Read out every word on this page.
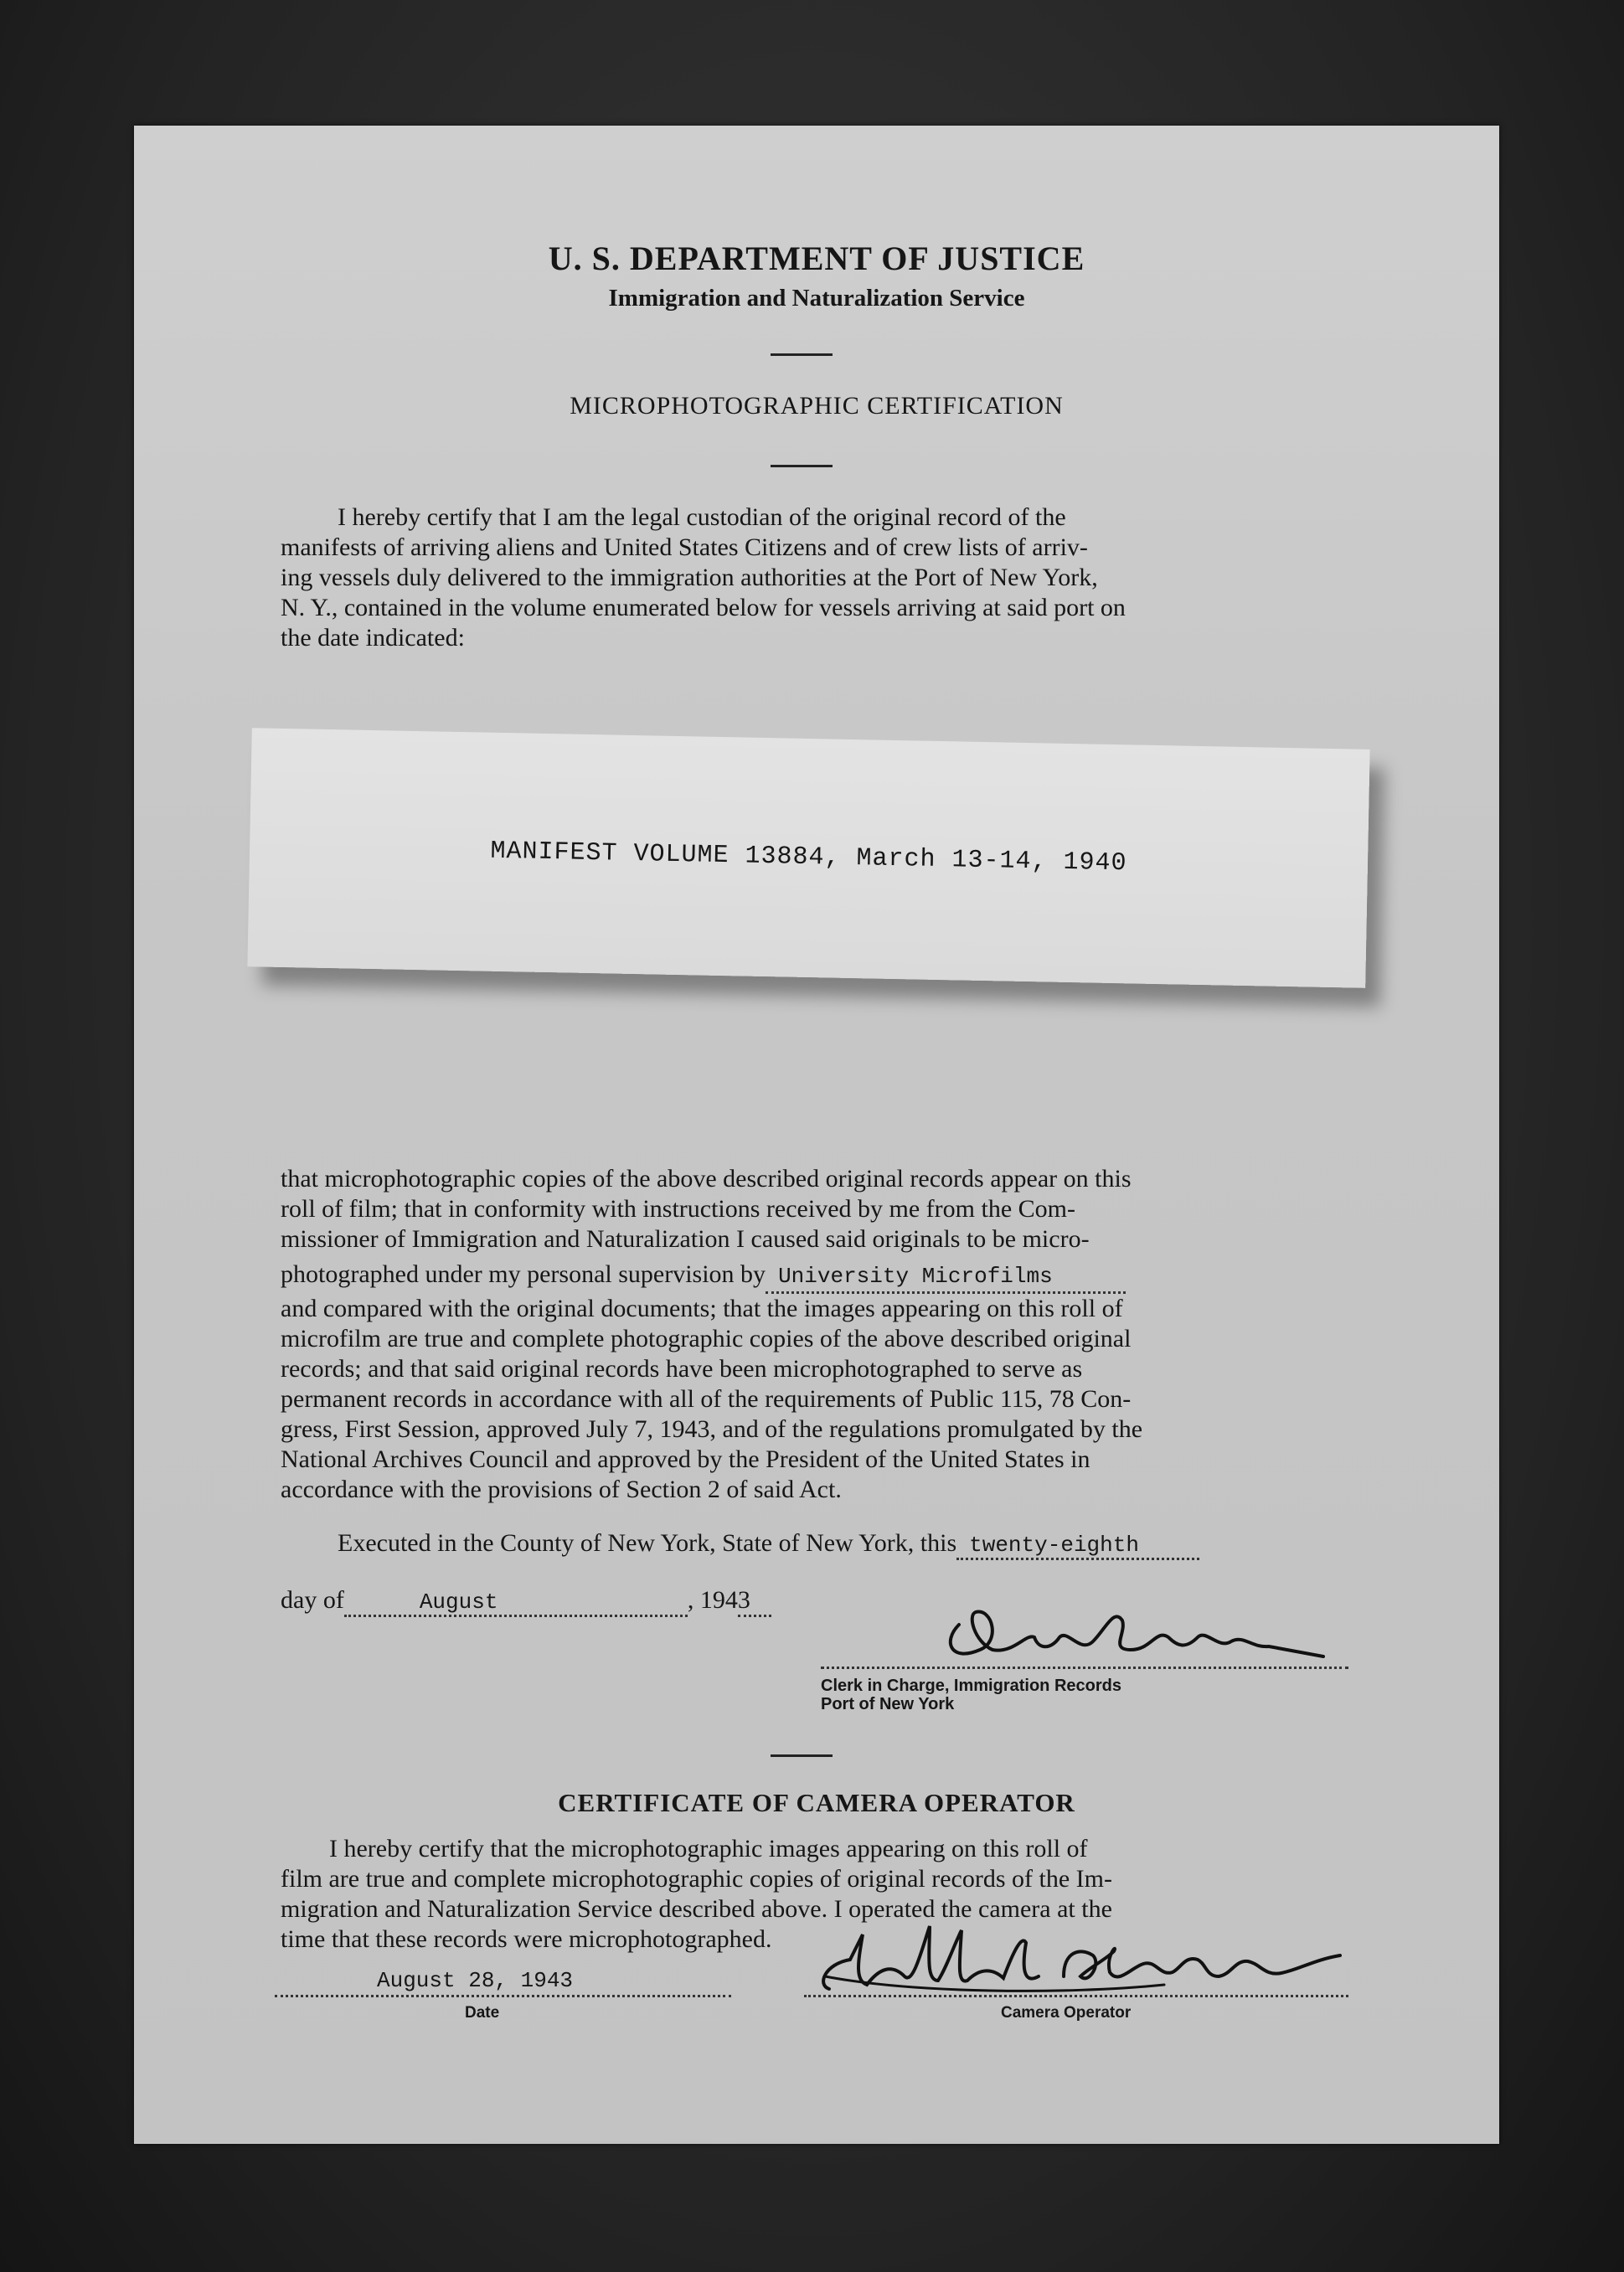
U. S. DEPARTMENT OF JUSTICE
Immigration and Naturalization Service
MICROPHOTOGRAPHIC CERTIFICATION
I hereby certify that I am the legal custodian of the original record of the
manifests of arriving aliens and United States Citizens and of crew lists of arriv-
ing vessels duly delivered to the immigration authorities at the Port of New York,
N. Y., contained in the volume enumerated below for vessels arriving at said port on
the date indicated:
MANIFEST VOLUME 13884, March 13-14, 1940
that microphotographic copies of the above described original records appear on this
roll of film; that in conformity with instructions received by me from the Com-
missioner of Immigration and Naturalization I caused said originals to be micro-
photographed under my personal supervision by University Microfilms
and compared with the original documents; that the images appearing on this roll of
microfilm are true and complete photographic copies of the above described original
records; and that said original records have been microphotographed to serve as
permanent records in accordance with all of the requirements of Public 115, 78 Con-
gress, First Session, approved July 7, 1943, and of the regulations promulgated by the
National Archives Council and approved by the President of the United States in
accordance with the provisions of Section 2 of said Act.
Executed in the County of New York, State of New York, this twenty-eighth
day of	August	, 1943
Clerk in Charge, Immigration Records
Port of New York
CERTIFICATE OF CAMERA OPERATOR
I hereby certify that the microphotographic images appearing on this roll of
film are true and complete microphotographic copies of original records of the Im-
migration and Naturalization Service described above. I operated the camera at the
time that these records were microphotographed.
August 28, 1943
Date	Camera Operator
